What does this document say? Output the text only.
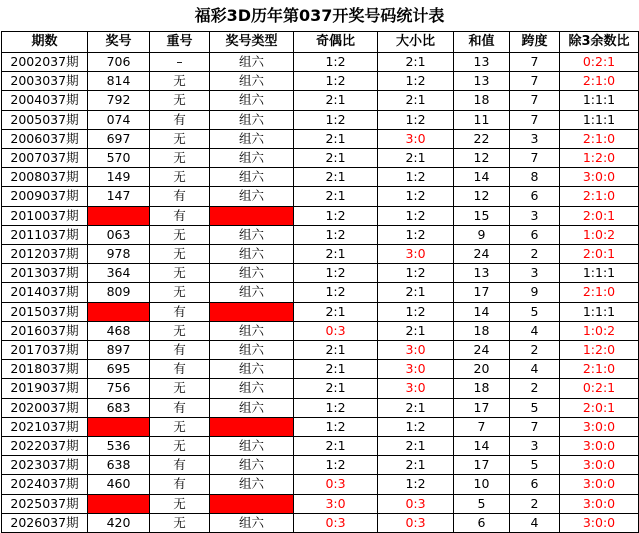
福彩3D历年第037开奖号码统计表
期数	奖号	重号	奖号类型	奇偶比	大小比	和值	跨度	除3余数比
2002037期	706	–	组六	1:2	2:1	13	7	0:2:1
2003037期	814	无	组六	1:2	1:2	13	7	2:1:0
2004037期	792	无	组六	2:1	2:1	18	7	1:1:1
2005037期	074	有	组六	1:2	1:2	11	7	1:1:1
2006037期	697	无	组六	2:1	3:0	22	3	2:1:0
2007037期	570	无	组六	2:1	2:1	12	7	1:2:0
2008037期	149	无	组六	2:1	1:2	14	8	3:0:0
2009037期	147	有	组六	2:1	1:2	12	6	2:1:0
2010037期	474	有	组三	1:2	1:2	15	3	2:0:1
2011037期	063	无	组六	1:2	1:2	9	6	1:0:2
2012037期	978	无	组六	2:1	3:0	24	2	2:0:1
2013037期	364	无	组六	1:2	1:2	13	3	1:1:1
2014037期	809	无	组六	1:2	2:1	17	9	2:1:0
2015037期	833	有	组三	2:1	1:2	14	5	1:1:1
2016037期	468	无	组六	0:3	2:1	18	4	1:0:2
2017037期	897	有	组六	2:1	3:0	24	2	1:2:0
2018037期	695	有	组六	2:1	3:0	20	4	2:1:0
2019037期	756	无	组六	2:1	3:0	18	2	0:2:1
2020037期	683	有	组六	1:2	2:1	17	5	2:0:1
2021037期	070	无	组三	1:2	1:2	7	7	3:0:0
2022037期	536	无	组六	2:1	2:1	14	3	3:0:0
2023037期	638	有	组六	1:2	2:1	17	5	3:0:0
2024037期	460	有	组六	0:3	1:2	10	6	3:0:0
2025037期	131	无	组三	3:0	0:3	5	2	3:0:0
2026037期	420	无	组六	0:3	0:3	6	4	3:0:0
